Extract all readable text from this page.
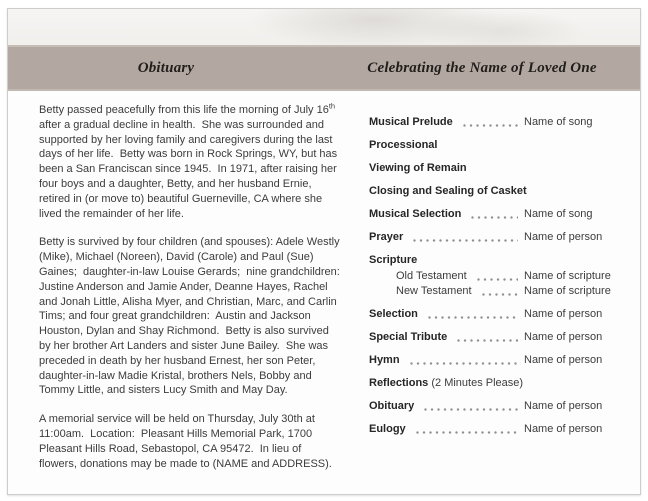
Obituary	Celebrating the Name of Loved One

Betty passed peacefully from this life the morning of July 16th after a gradual decline in health.  She was surrounded and supported by her loving family and caregivers during the last days of her life.  Betty was born in Rock Springs, WY, but has been a San Franciscan since 1945.  In 1971, after raising her four boys and a daughter, Betty, and her husband Ernie, retired in (or move to) beautiful Guerneville, CA where she lived the remainder of her life.

Betty is survived by four children (and spouses): Adele Westly (Mike), Michael (Noreen), David (Carole) and Paul (Sue) Gaines;  daughter-in-law Louise Gerards;  nine grandchildren: Justine Anderson and Jamie Ander, Deanne Hayes, Rachel and Jonah Little, Alisha Myer, and Christian, Marc, and Carlin Tims; and four great grandchildren:  Austin and Jackson Houston, Dylan and Shay Richmond.  Betty is also survived by her brother Art Landers and sister June Bailey.  She was preceded in death by her husband Ernest, her son Peter, daughter-in-law Madie Kristal, brothers Nels, Bobby and Tommy Little, and sisters Lucy Smith and May Day.

A memorial service will be held on Thursday, July 30th at 11:00am.  Location:  Pleasant Hills Memorial Park, 1700 Pleasant Hills Road, Sebastopol, CA 95472.  In lieu of flowers, donations may be made to (NAME and ADDRESS).

Musical Prelude	Name of song
Processional
Viewing of Remain
Closing and Sealing of Casket
Musical Selection	Name of song
Prayer	Name of person
Scripture
Old Testament	Name of scripture
New Testament	Name of scripture
Selection	Name of person
Special Tribute	Name of person
Hymn	Name of person
Reflections (2 Minutes Please)
Obituary	Name of person
Eulogy	Name of person
